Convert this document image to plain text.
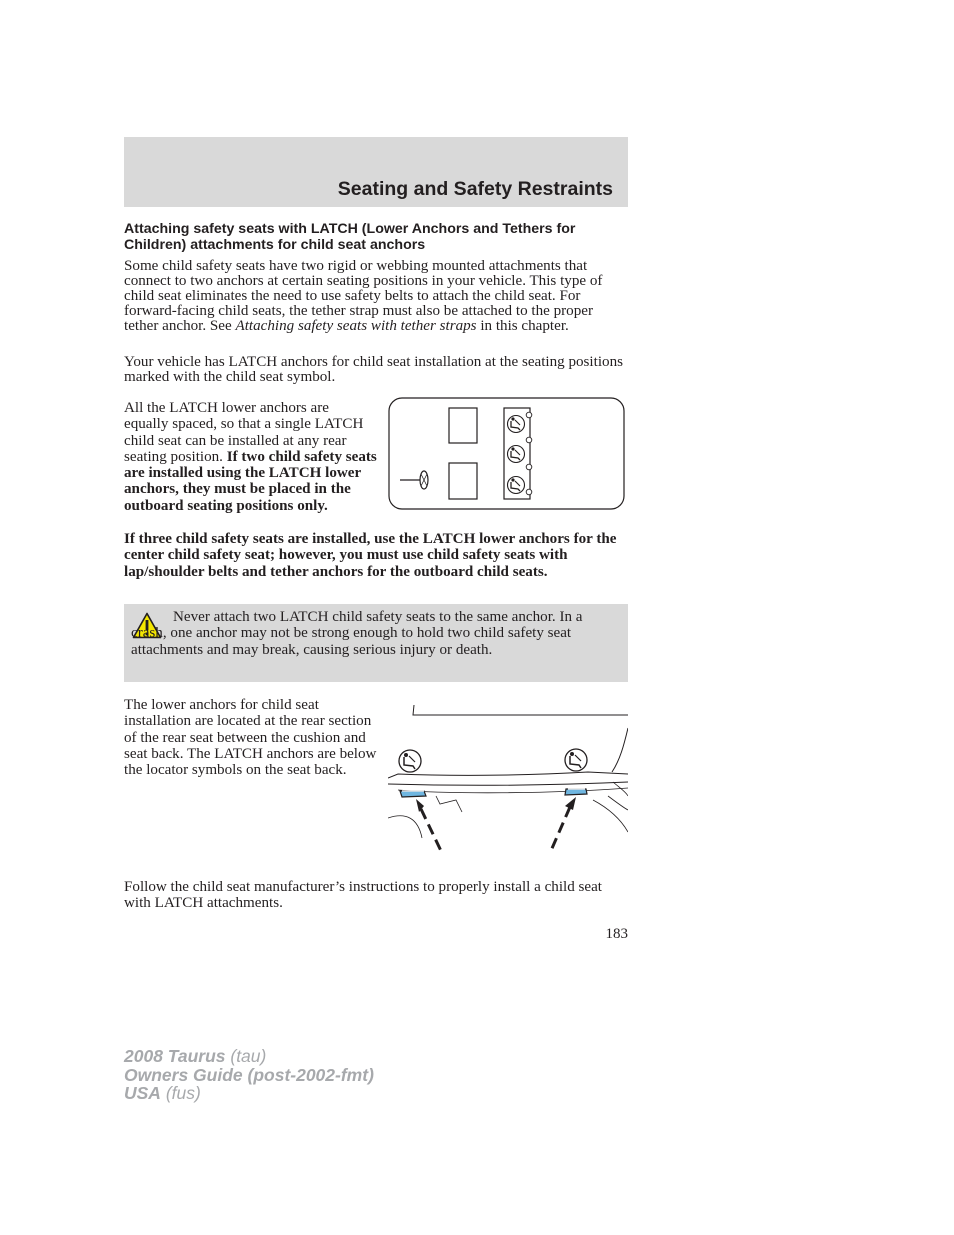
Seating and Safety Restraints
Attaching safety seats with LATCH (Lower Anchors and Tethers for Children) attachments for child seat anchors

Some child safety seats have two rigid or webbing mounted attachments that connect to two anchors at certain seating positions in your vehicle. This type of child seat eliminates the need to use safety belts to attach the child seat. For forward-facing child seats, the tether strap must also be attached to the proper tether anchor. See Attaching safety seats with tether straps in this chapter.

Your vehicle has LATCH anchors for child seat installation at the seating positions marked with the child seat symbol.

All the LATCH lower anchors are equally spaced, so that a single LATCH child seat can be installed at any rear seating position. If two child safety seats are installed using the LATCH lower anchors, they must be placed in the outboard seating positions only.

If three child safety seats are installed, use the LATCH lower anchors for the center child safety seat; however, you must use child safety seats with lap/shoulder belts and tether anchors for the outboard child seats.

Never attach two LATCH child safety seats to the same anchor. In a crash, one anchor may not be strong enough to hold two child safety seat attachments and may break, causing serious injury or death.

The lower anchors for child seat installation are located at the rear section of the rear seat between the cushion and seat back. The LATCH anchors are below the locator symbols on the seat back.

Follow the child seat manufacturer’s instructions to properly install a child seat with LATCH attachments.

183

2008 Taurus (tau)
Owners Guide (post-2002-fmt)
USA (fus)
